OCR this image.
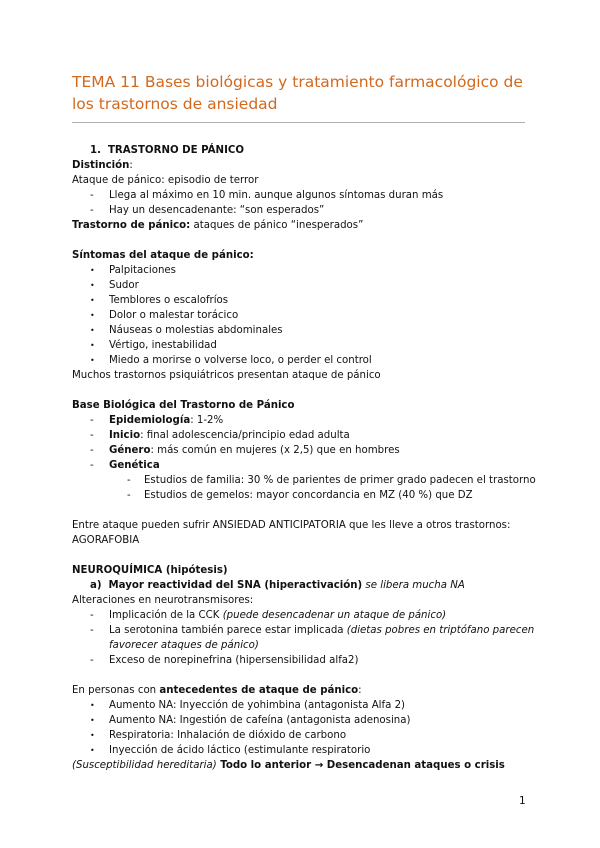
TEMA 11 Bases biológicas y tratamiento farmacológico de
los trastornos de ansiedad
1. TRASTORNO DE PÁNICO
Distinción:
Ataque de pánico: episodio de terror
- Llega al máximo en 10 min. aunque algunos síntomas duran más
- Hay un desencadenante: “son esperados”
Trastorno de pánico: ataques de pánico “inesperados”
Síntomas del ataque de pánico:
• Palpitaciones
• Sudor
• Temblores o escalofríos
• Dolor o malestar torácico
• Náuseas o molestias abdominales
• Vértigo, inestabilidad
• Miedo a morirse o volverse loco, o perder el control
Muchos trastornos psiquiátricos presentan ataque de pánico
Base Biológica del Trastorno de Pánico
- Epidemiología: 1-2%
- Inicio: final adolescencia/principio edad adulta
- Género: más común en mujeres (x 2,5) que en hombres
- Genética
- Estudios de familia: 30 % de parientes de primer grado padecen el trastorno
- Estudios de gemelos: mayor concordancia en MZ (40 %) que DZ
Entre ataque pueden sufrir ANSIEDAD ANTICIPATORIA que les lleve a otros trastornos:
AGORAFOBIA
NEUROQUÍMICA (hipótesis)
a) Mayor reactividad del SNA (hiperactivación) se libera mucha NA
Alteraciones en neurotransmisores:
- Implicación de la CCK (puede desencadenar un ataque de pánico)
- La serotonina también parece estar implicada (dietas pobres en triptófano parecen
favorecer ataques de pánico)
- Exceso de norepinefrina (hipersensibilidad alfa2)
En personas con antecedentes de ataque de pánico:
• Aumento NA: Inyección de yohimbina (antagonista Alfa 2)
• Aumento NA: Ingestión de cafeína (antagonista adenosina)
• Respiratoria: Inhalación de dióxido de carbono
• Inyección de ácido láctico (estimulante respiratorio
(Susceptibilidad hereditaria) Todo lo anterior → Desencadenan ataques o crisis
1
